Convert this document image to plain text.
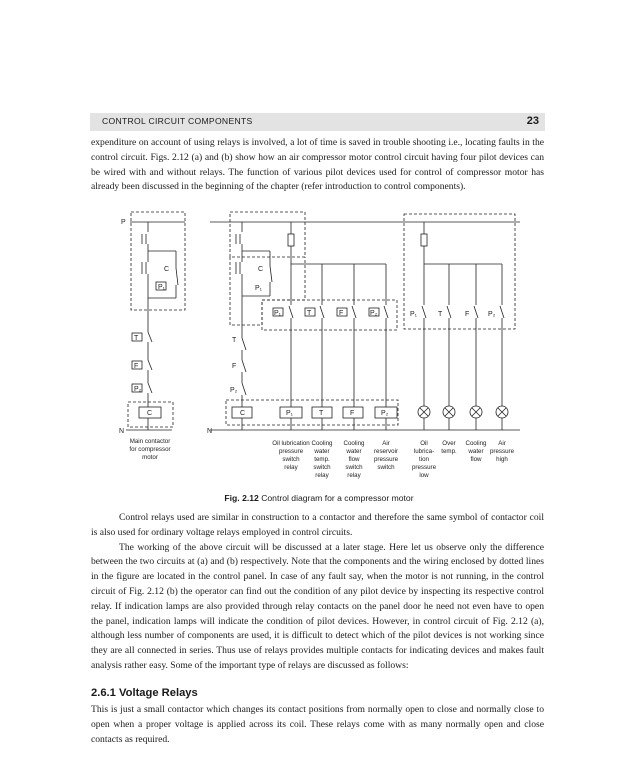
CONTROL CIRCUIT COMPONENTS	23

expenditure on account of using relays is involved, a lot of time is saved in trouble shooting i.e., locating faults in the control circuit. Figs. 2.12 (a) and (b) show how an air compressor motor control circuit having four pilot devices can be wired with and without relays. The function of various pilot devices used for control of compressor motor has already been discussed in the beginning of the chapter (refer introduction to control components).

P
N
C
P₁
T
F
P₂
C
Main contactor for compressor motor
N
C
P₁
T
F
P₂
C	P₁	T	F	P₂
P₁	T	F	P₂	P₁	T	F	P₂
Oil lubrication pressure switch relay
Cooling water temp. switch relay
Cooling water flow switch relay
Air reservoir pressure switch
Oil lubrica-tion pressure low
Over temp.
Cooling water flow
Air pressure high
Fig. 2.12 Control diagram for a compressor motor

Control relays used are similar in construction to a contactor and therefore the same symbol of contactor coil is also used for ordinary voltage relays employed in control circuits.

The working of the above circuit will be discussed at a later stage. Here let us observe only the difference between the two circuits at (a) and (b) respectively. Note that the components and the wiring enclosed by dotted lines in the figure are located in the control panel. In case of any fault say, when the motor is not running, in the control circuit of Fig. 2.12 (b) the operator can find out the condition of any pilot device by inspecting its respective control relay. If indication lamps are also provided through relay contacts on the panel door he need not even have to open the panel, indication lamps will indicate the condition of pilot devices. However, in control circuit of Fig. 2.12 (a), although less number of components are used, it is difficult to detect which of the pilot devices is not working since they are all connected in series. Thus use of relays provides multiple contacts for indicating devices and makes fault analysis rather easy. Some of the important type of relays are discussed as follows:

2.6.1 Voltage Relays

This is just a small contactor which changes its contact positions from normally open to close and normally close to open when a proper voltage is applied across its coil. These relays come with as many normally open and close contacts as required.
